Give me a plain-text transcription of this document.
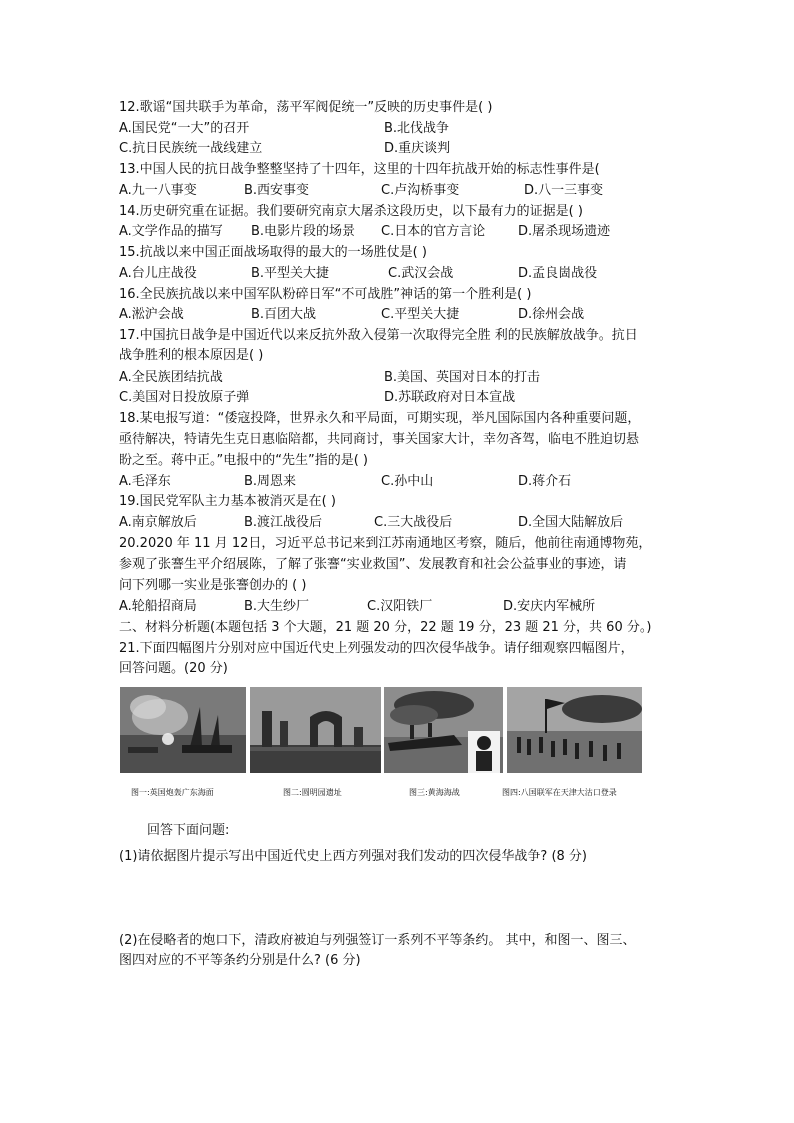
12.歌谣“国共联手为革命，荡平军阀促统一”反映的历史事件是( )
A.国民党“一大”的召开	B.北伐战争
C.抗日民族统一战线建立	D.重庆谈判
13.中国人民的抗日战争整整坚持了十四年，这里的十四年抗战开始的标志性事件是(
A.九一八事变	B.西安事变	C.卢沟桥事变	D.八一三事变
14.历史研究重在证据。我们要研究南京大屠杀这段历史，以下最有力的证据是( )
A.文学作品的描写 B.电影片段的场景 C.日本的官方言论	D.屠杀现场遗迹
15.抗战以来中国正面战场取得的最大的一场胜仗是( )
A.台儿庄战役	B.平型关大捷	C.武汉会战	D.孟良崮战役
16.全民族抗战以来中国军队粉碎日军“不可战胜”神话的第一个胜利是( )
A.淞沪会战	B.百团大战	C.平型关大捷	D.徐州会战
17.中国抗日战争是中国近代以来反抗外敌入侵第一次取得完全胜 利的民族解放战争。抗日
战争胜利的根本原因是( )
A.全民族团结抗战	B.美国、英国对日本的打击
C.美国对日投放原子弹	D.苏联政府对日本宣战
18.某电报写道：“倭寇投降，世界永久和平局面，可期实现，举凡国际国内各种重要问题，
亟待解决，特请先生克日惠临陪都，共同商讨，事关国家大计，幸勿吝驾，临电不胜迫切悬
盼之至。蒋中正。”电报中的“先生”指的是( )
A.毛泽东	B.周恩来	C.孙中山	D.蒋介石
19.国民党军队主力基本被消灭是在( )
A.南京解放后	B.渡江战役后	C.三大战役后	D.全国大陆解放后
20.2020 年 11 月 12日，习近平总书记来到江苏南通地区考察，随后，他前往南通博物苑，
参观了张謇生平介绍展陈，了解了张謇“实业救国”、发展教育和社会公益事业的事迹，请
问下列哪一实业是张謇创办的 ( )
A.轮船招商局	B.大生纱厂	C.汉阳铁厂	D.安庆内军械所
二、材料分析题(本题包括 3 个大题，21 题 20 分，22 题 19 分，23 题 21 分，共 60 分。)
21.下面四幅图片分别对应中国近代史上列强发动的四次侵华战争。请仔细观察四幅图片，
回答问题。(20 分)
图一:英国炮轰广东海面	图二:圆明园遗址	图三:黄海海战	图四:八国联军在天津大沽口登录
回答下面问题:
(1)请依据图片提示写出中国近代史上西方列强对我们发动的四次侵华战争? (8 分)
(2)在侵略者的炮口下，清政府被迫与列强签订一系列不平等条约。 其中，和图一、图三、
图四对应的不平等条约分别是什么? (6 分)
